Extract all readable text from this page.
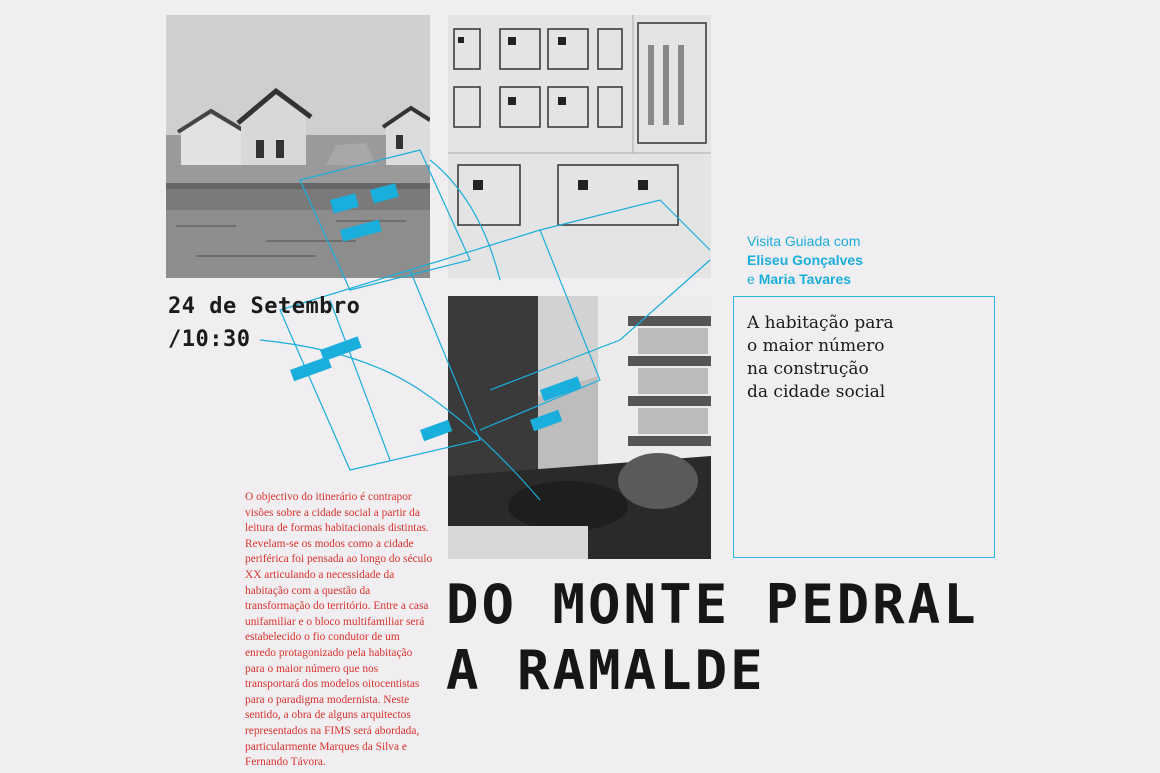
24 de Setembro
/10:30
Visita Guiada com
Eliseu Gonçalves
e Maria Tavares
A habitação para
o maior número
na construção
da cidade social
O objectivo do itinerário é contrapor visões sobre a cidade social a partir da leitura de formas habitacionais distintas. Revelam-se os modos como a cidade periférica foi pensada ao longo do século XX articulando a necessidade da habitação com a questão da transformação do território. Entre a casa unifamiliar e o bloco multifamiliar será estabelecido o fio condutor de um enredo protagonizado pela habitação para o maior número que nos transportará dos modelos oitocentistas para o paradigma modernista. Neste sentido, a obra de alguns arquitectos representados na FIMS será abordada, particularmente Marques da Silva e Fernando Távora.
DO MONTE PEDRAL
A RAMALDE
